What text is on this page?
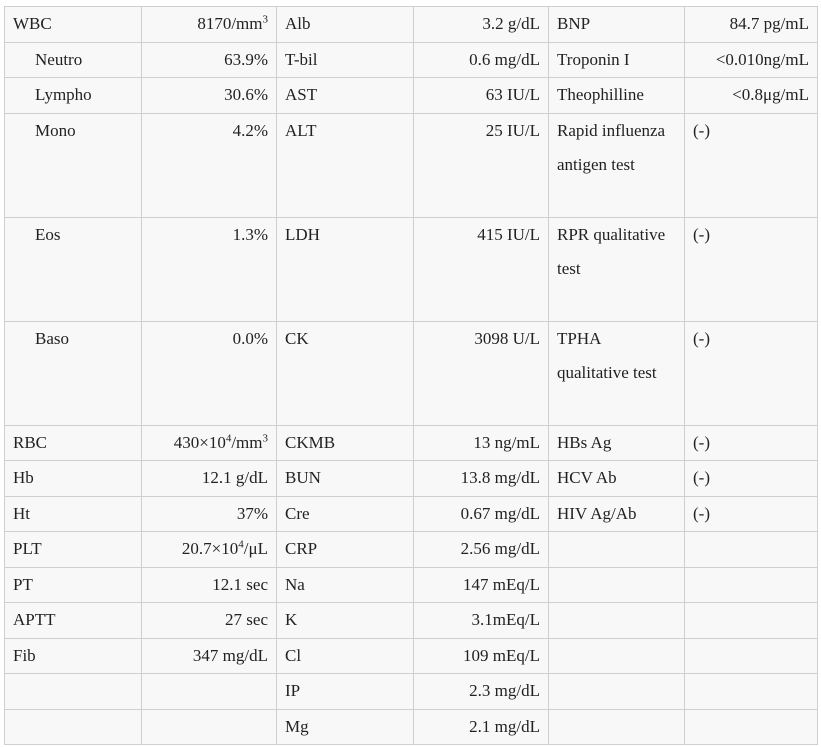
WBC	$8170/mm^3$	Alb	3.2 g/dL	BNP	84.7 pg/mL

Neutro	63.9%	T-bil	0.6 mg/dL	Troponin I	<0.010ng/mL

Lympho	30.6%	AST	63 IU/L	Theophilline	<0.8μg/mL

Mono	4.2%	ALT	25 IU/L	Rapid influenza antigen test	(-)

Eos	1.3%	LDH	415 IU/L	RPR qualitative test	(-)

Baso	0.0%	CK	3098 U/L	TPHA qualitative test	(-)

RBC	$430\times 10^4/mm^3$	CKMB	13 ng/mL	HBs Ag	(-)

Hb	12.1 g/dL	BUN	13.8 mg/dL	HCV Ab	(-)

Ht	37%	Cre	0.67 mg/dL	HIV Ag/Ab	(-)

PLT	$20.7\times 10^4/\mu L$	CRP	2.56 mg/dL		

PT	12.1 sec	Na	147 mEq/L		

APTT	27 sec	K	3.1mEq/L		

Fib	347 mg/dL	Cl	109 mEq/L		

		IP	2.3 mg/dL		

		Mg	2.1 mg/dL		
